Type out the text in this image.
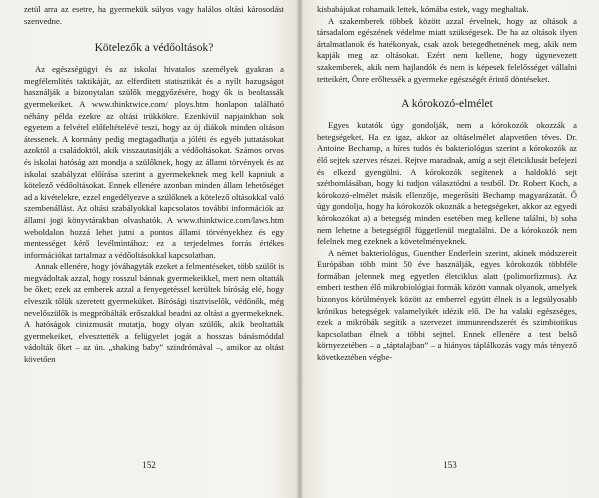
zetül arra az esetre, ha gyermekük súlyos vagy halálos oltási károsodást szenvedne.

Kötelezők a védőoltások?

Az egészségügyi és az iskolai hivatalos személyek gyakran a megfélemlítés taktikáját, az elferdített statisztikát és a nyílt hazugságot használják a bizonytalan szülők meggyőzésére, hogy ők is beoltassák gyermekeiket. A www.thinktwice.com/ ploys.htm honlapon található néhány példa ezekre az oltási trükkökre. Ezenkívül napjainkban sok egyetem a felvétel előfeltételévé teszi, hogy az új diákok minden oltáson átessenek. A kormány pedig megtagadhatja a jóléti és egyéb juttatásokat azoktól a családoktól, akik visszautasítják a védőoltásokat. Számos orvos és iskolai hatóság azt mondja a szülőknek, hogy az állami törvények és az iskolai szabályzat előírása szerint a gyermekeknek meg kell kapniuk a kötelező védőoltásokat. Ennek ellenére azonban minden állam lehetőséget ad a kivételekre, ezzel engedélyezve a szülőknek a kötelező oltásokkal való szembenállást. Az oltási szabályokkal kapcsolatos további információk az állami jogi könyvtárakban olvashatók. A www.thinktwice.com/laws.htm weboldalon hozzá lehet jutni a pontos állami törvényekhez és egy mentességet kérő levélmintához: ez a terjedelmes forrás értékes információkat tartalmaz a védőoltásokkal kapcsolatban.

Annak ellenére, hogy jóváhagyták ezeket a felmentéseket, több szülőt is megvádoltak azzal, hogy rosszul bánnak gyermekeikkel, mert nem oltatták be őket; ezek az emberek azzal a fenyegetéssel kerültek bíróság elé, hogy elveszik tőlük szeretett gyermeküket. Bírósági tisztviselők, védőnők, még nevelőszülők is megpróbálták erőszakkal beadni az oltást a gyermekeknek. A hatóságok cinizmusát mutatja, hogy olyan szülők, akik beoltatták gyermekeiket, elvesztették a felügyelet jogát a hosszas bánásmóddal vádolták őket – az ún. „shaking baby” szindrómával –, amikor az oltást követően

152

kisbabájukat rohamaik lettek, kómába estek, vagy meghaltak.

A szakemberek többek között azzal érvelnek, hogy az oltások a társadalom egészének védelme miatt szükségesek. De ha az oltások ilyen ártalmatlanok és hatékonyak, csak azok betegedhetnének meg, akik nem kapják meg az oltásokat. Ezért nem kellene, hogy úgynevezett szakemberek, akik nem hajlandók és nem is képesek felelősséget vállalni tetteikért, Önre erőltessék a gyermeke egészségét érintő döntéseket.

A kórokozó-elmélet

Egyes kutatók úgy gondolják, nem a kórokozók okozzák a betegségeket. Ha ez igaz, akkor az oltáselmélet alapvetően téves. Dr. Antoine Bechamp, a híres tudós és bakteriológus szerint a kórokozók az élő sejtek szerves részei. Rejtve maradnak, amíg a sejt életciklusát befejezi és elkezd gyengülni. A kórokozók segítenek a haldokló sejt szétbomlásában, hogy ki tudjon választódni a testből. Dr. Robert Koch, a kórokozó-elmélet másik ellenzője, megerősíti Bechamp magyarázatát. Ő úgy gondolja, hogy ha kórokozók okoznák a betegségeket, akkor az egyedi kórokozókat a) a betegség minden esetében meg kellene találni, b) soha nem lehetne a betegségtől függetlenül megtalálni. De a kórokozók nem felelnek meg ezeknek a követelményeknek.

A német bakteriológus, Guenther Enderlein szerint, akinek módszereit Európában több mint 50 éve használják, egyes kórokozók többféle formában jelennek meg egyetlen életciklus alatt (polimorfizmus). Az emberi testben élő mikrobiológiai formák között vannak olyanok, amelyek bizonyos körülmények között az emberrel együtt élnek is a legsúlyosabb krónikus betegségek valamelyikét idézik elő. De ha valaki egészséges, ezek a mikróbák segítik a szervezet immunrendszerét és szimbiotikus kapcsolatban élnek a többi sejttel. Ennek ellenére a test belső környezetében – a „táptalajban” – a hiányos táplálkozás vagy más tényező következtében végbe-

153
